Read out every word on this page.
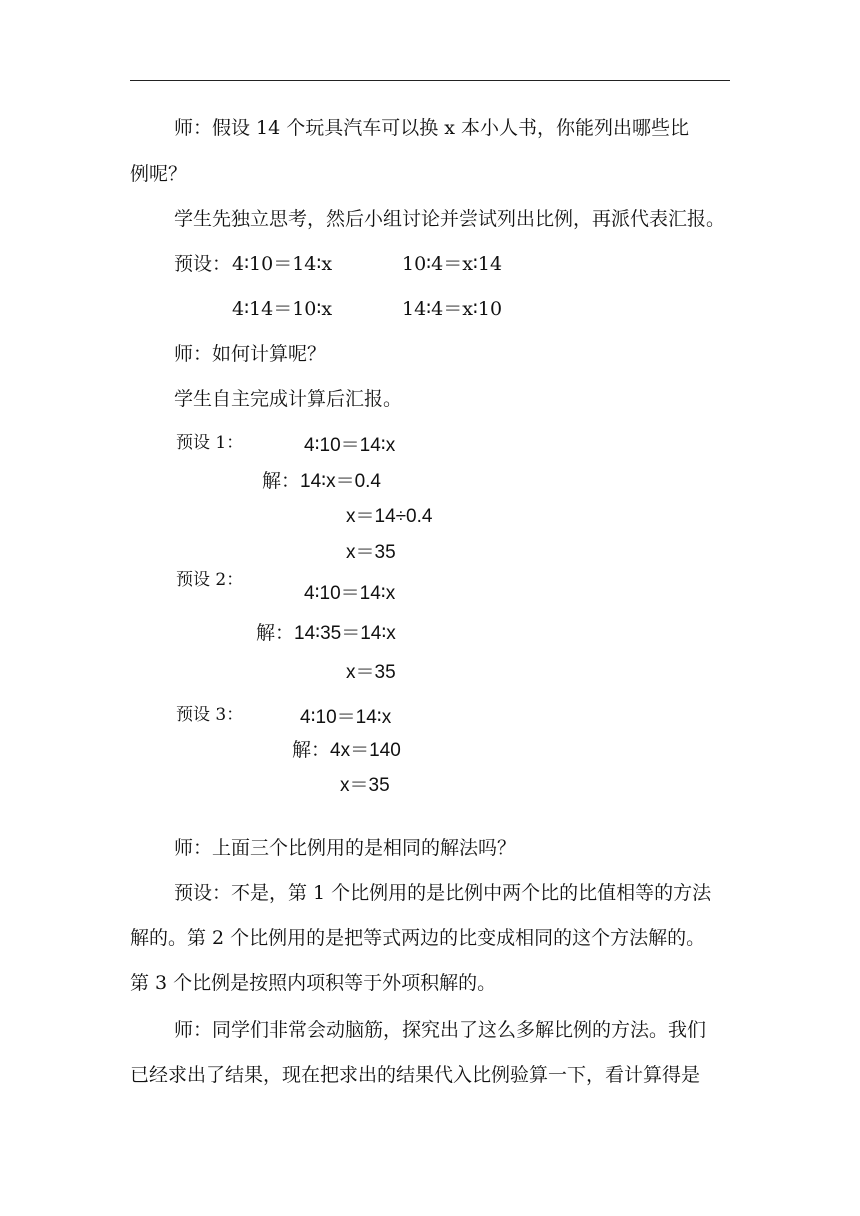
师：假设 14 个玩具汽车可以换 x 本小人书，你能列出哪些比
例呢？
学生先独立思考，然后小组讨论并尝试列出比例，再派代表汇报。
预设： 4∶10＝14∶x	10∶4＝x∶14
4∶14＝10∶x	14∶4＝x∶10
师：如何计算呢？
学生自主完成计算后汇报。
预设 1：	4∶10＝14∶x
解：14∶x＝0.4
x＝14÷0.4
x＝35
预设 2：
4∶10＝14∶x
解：14∶35＝14∶x
x＝35
预设 3：	4∶10＝14∶x
解：4x＝140
x＝35
师：上面三个比例用的是相同的解法吗？
预设：不是，第 1 个比例用的是比例中两个比的比值相等的方法
解的。第 2 个比例用的是把等式两边的比变成相同的这个方法解的。
第 3 个比例是按照内项积等于外项积解的。
师：同学们非常会动脑筋，探究出了这么多解比例的方法。我们
已经求出了结果，现在把求出的结果代入比例验算一下，看计算得是
